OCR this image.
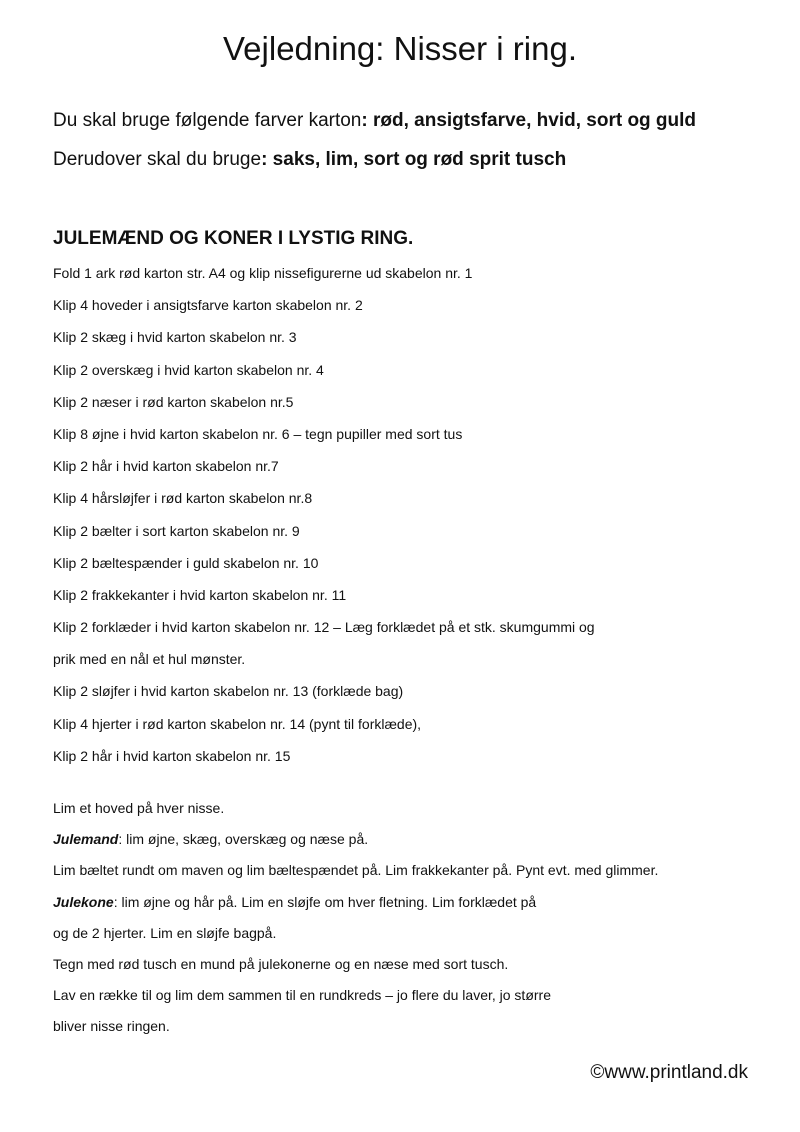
Vejledning: Nisser i ring.

Du skal bruge følgende farver karton: rød, ansigtsfarve, hvid, sort og guld

Derudover skal du bruge: saks, lim, sort og rød sprit tusch

JULEMÆND OG KONER I LYSTIG RING.
Fold 1 ark rød karton str. A4 og klip nissefigurerne ud skabelon nr. 1
Klip 4 hoveder i ansigtsfarve karton skabelon nr. 2
Klip 2 skæg i hvid karton skabelon nr. 3
Klip 2 overskæg i hvid karton skabelon nr. 4
Klip 2 næser i rød karton skabelon nr.5
Klip 8 øjne i hvid karton skabelon nr. 6 – tegn pupiller med sort tus
Klip 2 hår i hvid karton skabelon nr.7
Klip 4 hårsløjfer i rød karton skabelon nr.8
Klip 2 bælter i sort karton skabelon nr. 9
Klip 2 bæltespænder i guld skabelon nr. 10
Klip 2 frakkekanter i hvid karton skabelon nr. 11
Klip 2 forklæder i hvid karton skabelon nr. 12 – Læg forklædet på et stk. skumgummi og
prik med en nål et hul mønster.
Klip 2 sløjfer i hvid karton skabelon nr. 13 (forklæde bag)
Klip 4 hjerter i rød karton skabelon nr. 14 (pynt til forklæde),
Klip 2 hår i hvid karton skabelon nr. 15
Lim et hoved på hver nisse.
Julemand: lim øjne, skæg, overskæg og næse på.
Lim bæltet rundt om maven og lim bæltespændet på. Lim frakkekanter på. Pynt evt. med glimmer.
Julekone: lim øjne og hår på. Lim en sløjfe om hver fletning. Lim forklædet på
og de 2 hjerter. Lim en sløjfe bagpå.
Tegn med rød tusch en mund på julekonerne og en næse med sort tusch.
Lav en række til og lim dem sammen til en rundkreds – jo flere du laver, jo større
bliver nisse ringen.

©www.printland.dk
